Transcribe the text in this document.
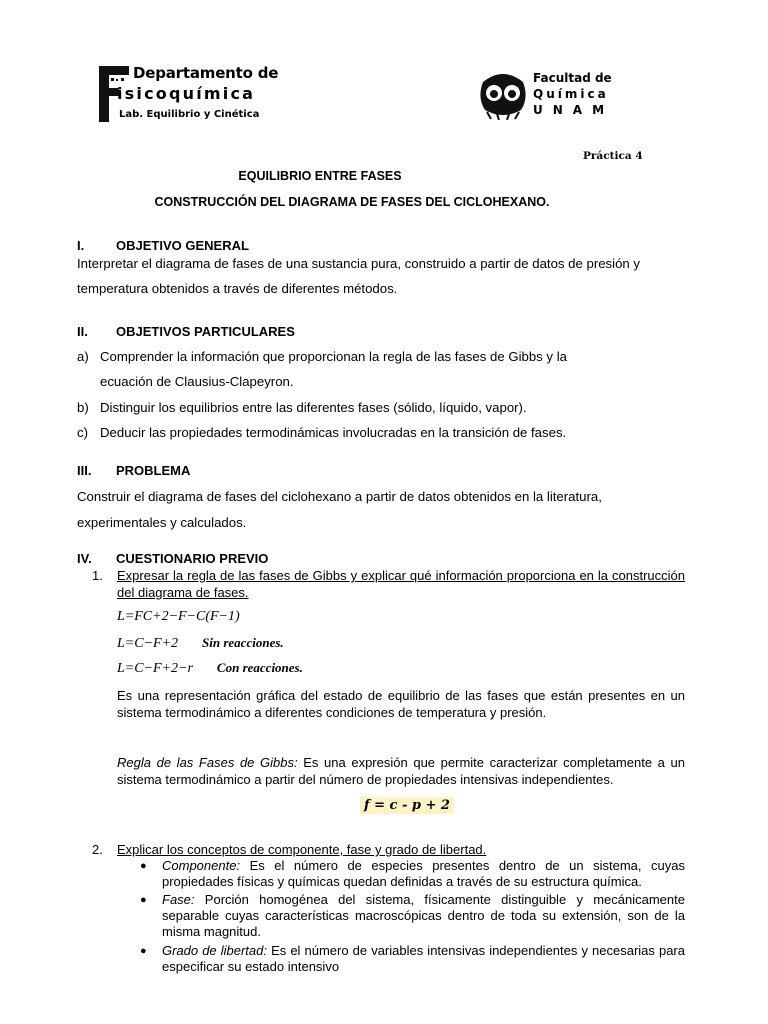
Departamento de
isicoquímica
Lab. Equilibrio y Cinética
Facultad de
Química
UNAM
Práctica 4
EQUILIBRIO ENTRE FASES
CONSTRUCCIÓN DEL DIAGRAMA DE FASES DEL CICLOHEXANO.
I. OBJETIVO GENERAL
Interpretar el diagrama de fases de una sustancia pura, construido a partir de datos de presión y
temperatura obtenidos a través de diferentes métodos.
II. OBJETIVOS PARTICULARES
a) Comprender la información que proporcionan la regla de las fases de Gibbs y la
ecuación de Clausius-Clapeyron.
b) Distinguir los equilibrios entre las diferentes fases (sólido, líquido, vapor).
c) Deducir las propiedades termodinámicas involucradas en la transición de fases.
III. PROBLEMA
Construir el diagrama de fases del ciclohexano a partir de datos obtenidos en la literatura,
experimentales y calculados.
IV. CUESTIONARIO PREVIO
1. Expresar la regla de las fases de Gibbs y explicar qué información proporciona en la construcción del diagrama de fases.
L=FC+2−F−C(F−1)
L=C−F+2 Sin reacciones.
L=C−F+2−r Con reacciones.
Es una representación gráfica del estado de equilibrio de las fases que están presentes en un sistema termodinámico a diferentes condiciones de temperatura y presión.
Regla de las Fases de Gibbs: Es una expresión que permite caracterizar completamente a un sistema termodinámico a partir del número de propiedades intensivas independientes.
f = c - p + 2
2. Explicar los conceptos de componente, fase y grado de libertad.
● Componente: Es el número de especies presentes dentro de un sistema, cuyas propiedades físicas y químicas quedan definidas a través de su estructura química.
● Fase: Porción homogénea del sistema, físicamente distinguible y mecánicamente separable cuyas características macroscópicas dentro de toda su extensión, son de la misma magnitud.
● Grado de libertad: Es el número de variables intensivas independientes y necesarias para especificar su estado intensivo
